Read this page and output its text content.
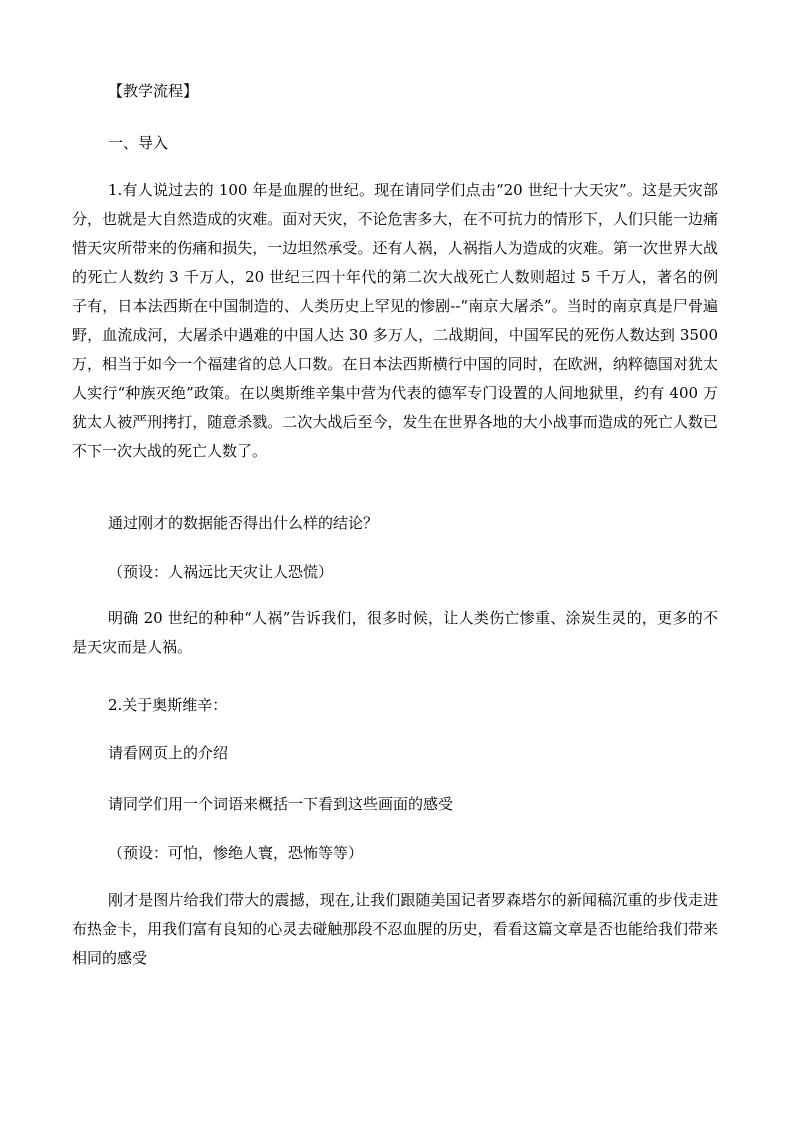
【教学流程】
一、导入
1.有人说过去的 100 年是血腥的世纪。现在请同学们点击“20 世纪十大天灾”。这是天灾部分，也就是大自然造成的灾难。面对天灾，不论危害多大，在不可抗力的情形下，人们只能一边痛惜天灾所带来的伤痛和损失，一边坦然承受。还有人祸，人祸指人为造成的灾难。第一次世界大战的死亡人数约 3 千万人，20 世纪三四十年代的第二次大战死亡人数则超过 5 千万人，著名的例子有，日本法西斯在中国制造的、人类历史上罕见的惨剧--“南京大屠杀”。当时的南京真是尸骨遍野，血流成河，大屠杀中遇难的中国人达 30 多万人，二战期间，中国军民的死伤人数达到 3500 万，相当于如今一个福建省的总人口数。在日本法西斯横行中国的同时，在欧洲，纳粹德国对犹太人实行“种族灭绝”政策。在以奥斯维辛集中营为代表的德军专门设置的人间地狱里，约有 400 万犹太人被严刑拷打，随意杀戮。二次大战后至今，发生在世界各地的大小战事而造成的死亡人数已不下一次大战的死亡人数了。
通过刚才的数据能否得出什么样的结论？
（预设：人祸远比天灾让人恐慌）
明确 20 世纪的种种“人祸”告诉我们，很多时候，让人类伤亡惨重、涂炭生灵的，更多的不是天灾而是人祸。
2.关于奥斯维辛：
请看网页上的介绍
请同学们用一个词语来概括一下看到这些画面的感受
（预设：可怕，惨绝人寰，恐怖等等）
刚才是图片给我们带大的震撼，现在,让我们跟随美国记者罗森塔尔的新闻稿沉重的步伐走进布热金卡，用我们富有良知的心灵去碰触那段不忍血腥的历史，看看这篇文章是否也能给我们带来相同的感受
